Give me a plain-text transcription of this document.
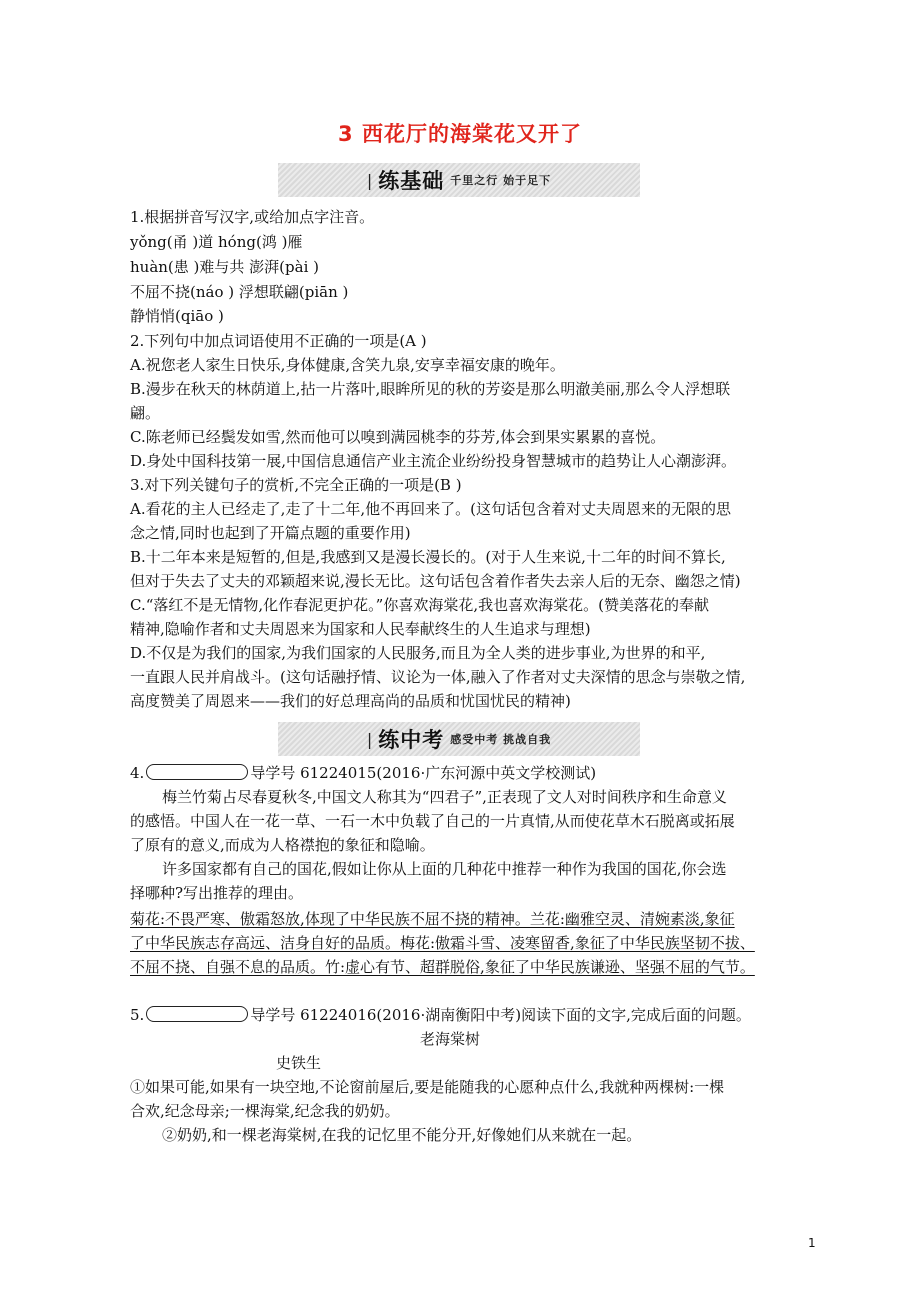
3 西花厅的海棠花又开了
| 练基础 千里之行 始于足下
1.根据拼音写汉字,或给加点字注音。
yǒng(甬 )道 hóng(鸿 )雁
huàn(患 )难与共 澎湃(pài )
不屈不挠(náo ) 浮想联翩(piān )
静悄悄(qiāo )
2.下列句中加点词语使用不正确的一项是(A )
A.祝您老人家生日快乐,身体健康,含笑九泉,安享幸福安康的晚年。
B.漫步在秋天的林荫道上,拈一片落叶,眼眸所见的秋的芳姿是那么明澈美丽,那么令人浮想联
翩。
C.陈老师已经鬓发如雪,然而他可以嗅到满园桃李的芬芳,体会到果实累累的喜悦。
D.身处中国科技第一展,中国信息通信产业主流企业纷纷投身智慧城市的趋势让人心潮澎湃。
3.对下列关键句子的赏析,不完全正确的一项是(B )
A.看花的主人已经走了,走了十二年,他不再回来了。(这句话包含着对丈夫周恩来的无限的思
念之情,同时也起到了开篇点题的重要作用)
B.十二年本来是短暂的,但是,我感到又是漫长漫长的。(对于人生来说,十二年的时间不算长,
但对于失去了丈夫的邓颖超来说,漫长无比。这句话包含着作者失去亲人后的无奈、幽怨之情)
C.“落红不是无情物,化作春泥更护花。”你喜欢海棠花,我也喜欢海棠花。(赞美落花的奉献
精神,隐喻作者和丈夫周恩来为国家和人民奉献终生的人生追求与理想)
D.不仅是为我们的国家,为我们国家的人民服务,而且为全人类的进步事业,为世界的和平,
一直跟人民并肩战斗。(这句话融抒情、议论为一体,融入了作者对丈夫深情的思念与崇敬之情,
高度赞美了周恩来——我们的好总理高尚的品质和忧国忧民的精神)
| 练中考 感受中考 挑战自我
4.	导学号 61224015(2016·广东河源中英文学校测试)
梅兰竹菊占尽春夏秋冬,中国文人称其为“四君子”,正表现了文人对时间秩序和生命意义
的感悟。中国人在一花一草、一石一木中负载了自己的一片真情,从而使花草木石脱离或拓展
了原有的意义,而成为人格襟抱的象征和隐喻。
许多国家都有自己的国花,假如让你从上面的几种花中推荐一种作为我国的国花,你会选
择哪种?写出推荐的理由。
菊花:不畏严寒、傲霜怒放,体现了中华民族不屈不挠的精神。兰花:幽雅空灵、清婉素淡,象征
了中华民族志存高远、洁身自好的品质。梅花:傲霜斗雪、凌寒留香,象征了中华民族坚韧不拔、
不屈不挠、自强不息的品质。竹:虚心有节、超群脱俗,象征了中华民族谦逊、坚强不屈的气节。
5.	导学号 61224016(2016·湖南衡阳中考)阅读下面的文字,完成后面的问题。
老海棠树
史铁生
①如果可能,如果有一块空地,不论窗前屋后,要是能随我的心愿种点什么,我就种两棵树:一棵
合欢,纪念母亲;一棵海棠,纪念我的奶奶。
②奶奶,和一棵老海棠树,在我的记忆里不能分开,好像她们从来就在一起。
1
